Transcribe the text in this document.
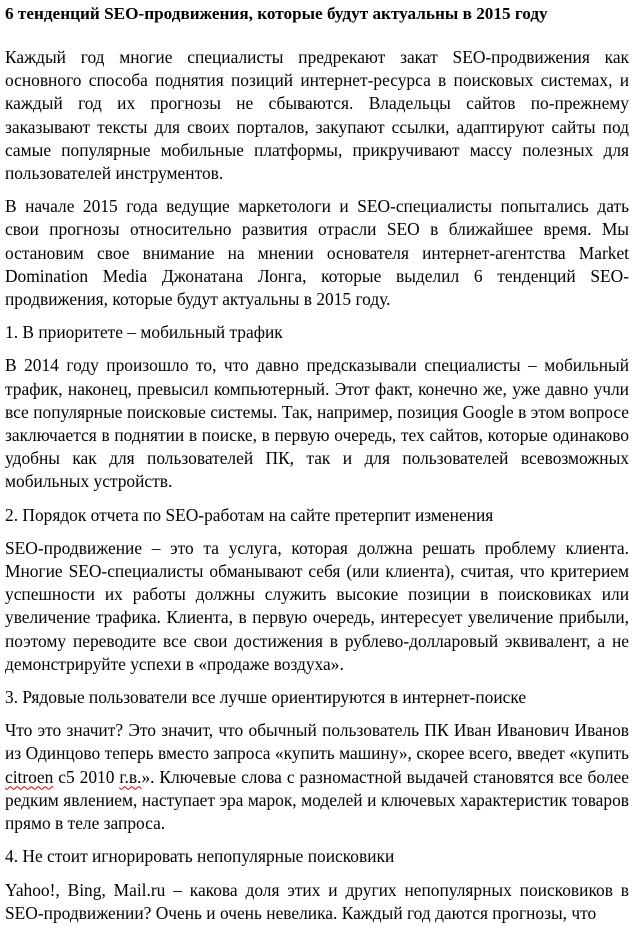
6 тенденций SEO-продвижения, которые будут актуальны в 2015 году

Каждый год многие специалисты предрекают закат SEO-продвижения как основного способа поднятия позиций интернет-ресурса в поисковых системах, и каждый год их прогнозы не сбываются. Владельцы сайтов по-прежнему заказывают тексты для своих порталов, закупают ссылки, адаптируют сайты под самые популярные мобильные платформы, прикручивают массу полезных для пользователей инструментов.

В начале 2015 года ведущие маркетологи и SEO-специалисты попытались дать свои прогнозы относительно развития отрасли SEO в ближайшее время. Мы остановим свое внимание на мнении основателя интернет-агентства Market Domination Media Джонатана Лонга, которые выделил 6 тенденций SEO-продвижения, которые будут актуальны в 2015 году.

1. В приоритете – мобильный трафик

В 2014 году произошло то, что давно предсказывали специалисты – мобильный трафик, наконец, превысил компьютерный. Этот факт, конечно же, уже давно учли все популярные поисковые системы. Так, например, позиция Google в этом вопросе заключается в поднятии в поиске, в первую очередь, тех сайтов, которые одинаково удобны как для пользователей ПК, так и для пользователей всевозможных мобильных устройств.

2. Порядок отчета по SEO-работам на сайте претерпит изменения

SEO-продвижение – это та услуга, которая должна решать проблему клиента. Многие SEO-специалисты обманывают себя (или клиента), считая, что критерием успешности их работы должны служить высокие позиции в поисковиках или увеличение трафика. Клиента, в первую очередь, интересует увеличение прибыли, поэтому переводите все свои достижения в рублево-долларовый эквивалент, а не демонстрируйте успехи в «продаже воздуха».

3. Рядовые пользователи все лучше ориентируются в интернет-поиске

Что это значит? Это значит, что обычный пользователь ПК Иван Иванович Иванов из Одинцово теперь вместо запроса «купить машину», скорее всего, введет «купить citroen c5 2010 г.в.». Ключевые слова с разномастной выдачей становятся все более редким явлением, наступает эра марок, моделей и ключевых характеристик товаров прямо в теле запроса.

4. Не стоит игнорировать непопулярные поисковики

Yahoo!, Bing, Mail.ru – какова доля этих и других непопулярных поисковиков в SEO-продвижении? Очень и очень невелика. Каждый год даются прогнозы, что
